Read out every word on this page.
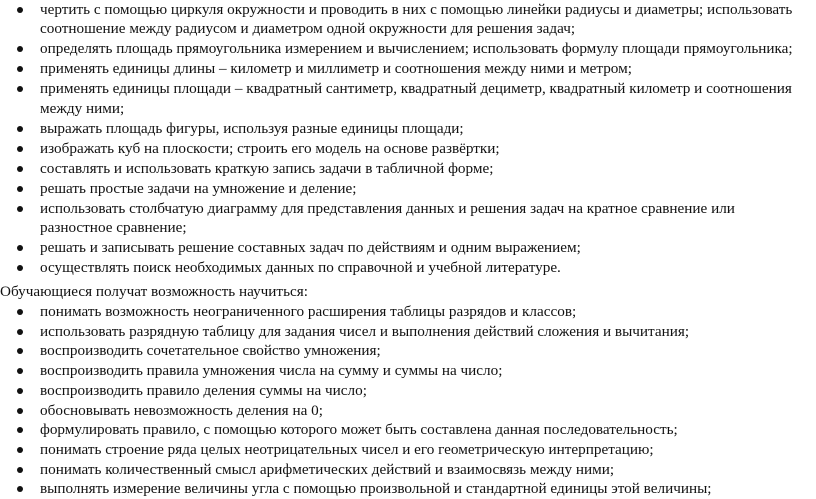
чертить с помощью циркуля окружности и проводить в них с помощью линейки радиусы и диаметры; использовать соотношение между радиусом и диаметром одной окружности для решения задач;
определять площадь прямоугольника измерением и вычислением; использовать формулу площади прямоугольника;
применять единицы длины – километр и миллиметр и соотношения между ними и метром;
применять единицы площади – квадратный сантиметр, квадратный дециметр, квадратный километр и соотношения между ними;
выражать площадь фигуры, используя разные единицы площади;
изображать куб на плоскости; строить его модель на основе развёртки;
составлять и использовать краткую запись задачи в табличной форме;
решать простые задачи на умножение и деление;
использовать столбчатую диаграмму для представления данных и решения задач на кратное сравнение или разностное сравнение;
решать и записывать решение составных задач по действиям и одним выражением;
осуществлять поиск необходимых данных по справочной и учебной литературе.
Обучающиеся получат возможность научиться:
понимать возможность неограниченного расширения таблицы разрядов и классов;
использовать разрядную таблицу для задания чисел и выполнения действий сложения и вычитания;
воспроизводить сочетательное свойство умножения;
воспроизводить правила умножения числа на сумму и суммы на число;
воспроизводить правило деления суммы на число;
обосновывать невозможность деления на 0;
формулировать правило, с помощью которого может быть составлена данная последовательность;
понимать строение ряда целых неотрицательных чисел и его геометрическую интерпретацию;
понимать количественный смысл арифметических действий и взаимосвязь между ними;
выполнять измерение величины угла с помощью произвольной и стандартной единицы этой величины;
